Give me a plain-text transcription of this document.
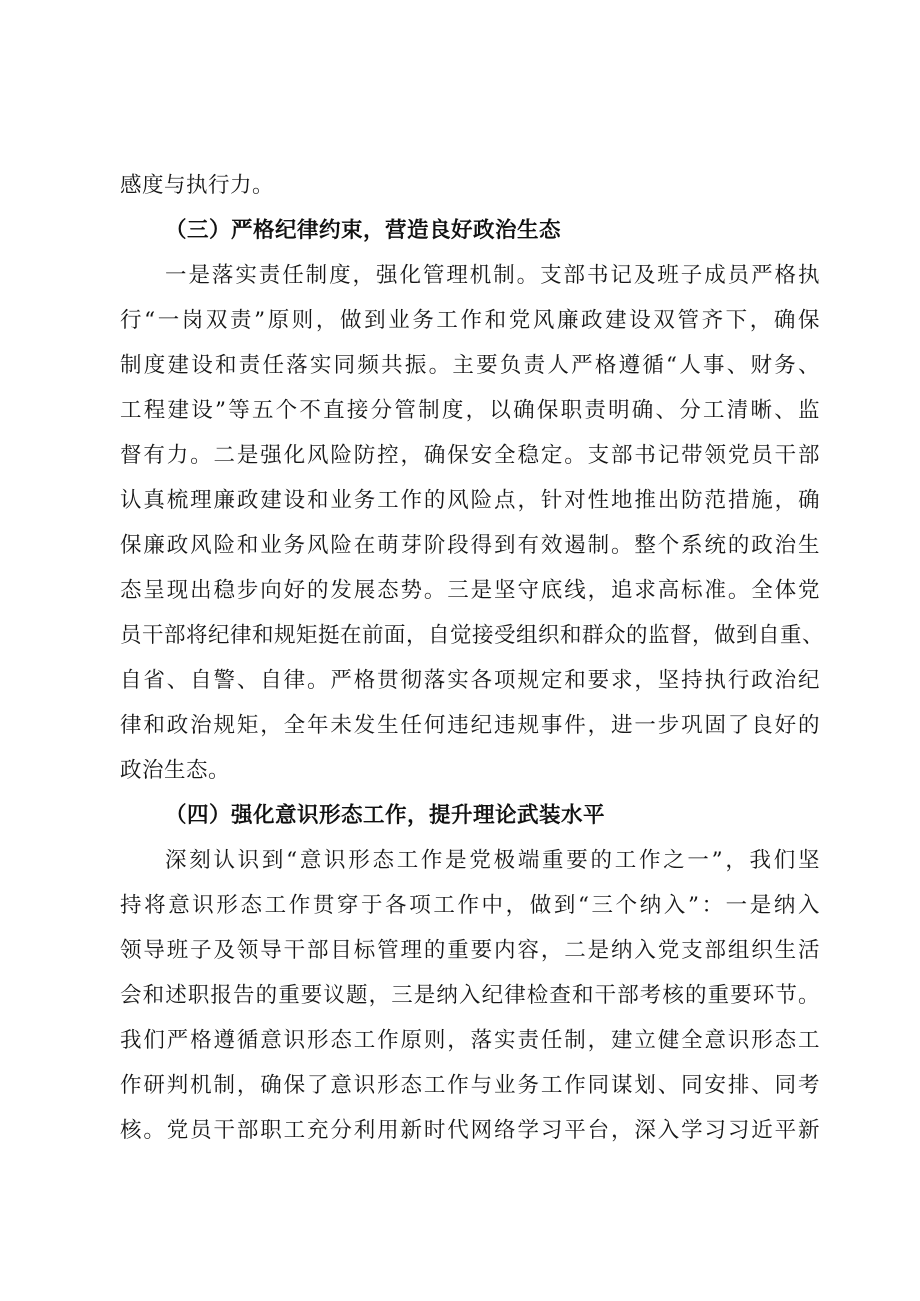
感度与执行力。
（三）严格纪律约束，营造良好政治生态
一是落实责任制度，强化管理机制。支部书记及班子成员严格执
行“一岗双责”原则，做到业务工作和党风廉政建设双管齐下，确保
制度建设和责任落实同频共振。主要负责人严格遵循“人事、财务、
工程建设”等五个不直接分管制度，以确保职责明确、分工清晰、监
督有力。二是强化风险防控，确保安全稳定。支部书记带领党员干部
认真梳理廉政建设和业务工作的风险点，针对性地推出防范措施，确
保廉政风险和业务风险在萌芽阶段得到有效遏制。整个系统的政治生
态呈现出稳步向好的发展态势。三是坚守底线，追求高标准。全体党
员干部将纪律和规矩挺在前面，自觉接受组织和群众的监督，做到自重、
自省、自警、自律。严格贯彻落实各项规定和要求，坚持执行政治纪
律和政治规矩，全年未发生任何违纪违规事件，进一步巩固了良好的
政治生态。
（四）强化意识形态工作，提升理论武装水平
深刻认识到“意识形态工作是党极端重要的工作之一”，我们坚
持将意识形态工作贯穿于各项工作中，做到“三个纳入”：一是纳入
领导班子及领导干部目标管理的重要内容，二是纳入党支部组织生活
会和述职报告的重要议题，三是纳入纪律检查和干部考核的重要环节。
我们严格遵循意识形态工作原则，落实责任制，建立健全意识形态工
作研判机制，确保了意识形态工作与业务工作同谋划、同安排、同考
核。党员干部职工充分利用新时代网络学习平台，深入学习习近平新
